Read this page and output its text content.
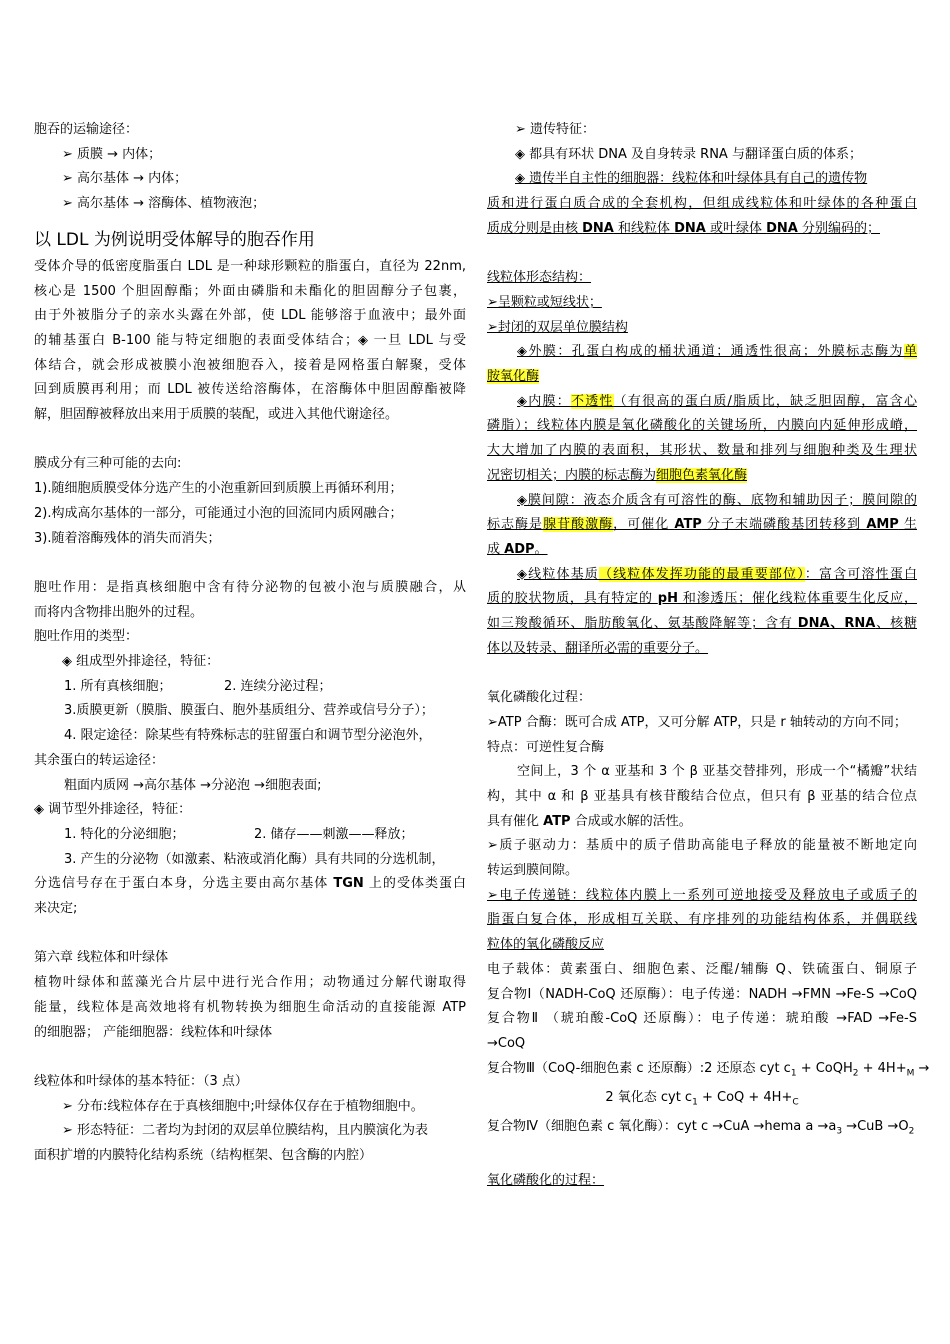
胞吞的运输途径：
➢ 质膜 → 内体；
➢ 高尔基体 → 内体；
➢ 高尔基体 → 溶酶体、植物液泡；
以 LDL 为例说明受体解导的胞吞作用
受体介导的低密度脂蛋白 LDL 是一种球形颗粒的脂蛋白，直径为 22nm,
核心是 1500 个胆固醇酯；外面由磷脂和未酯化的胆固醇分子包裹，
由于外被脂分子的亲水头露在外部，使 LDL 能够溶于血液中；最外面
的辅基蛋白 B-100 能与特定细胞的表面受体结合；◈ 一旦 LDL 与受
体结合，就会形成被膜小泡被细胞吞入，接着是网格蛋白解聚，受体
回到质膜再利用；而 LDL 被传送给溶酶体，在溶酶体中胆固醇酯被降
解，胆固醇被释放出来用于质膜的装配，或进入其他代谢途径。
膜成分有三种可能的去向:
1).随细胞质膜受体分选产生的小泡重新回到质膜上再循环利用；
2).构成高尔基体的一部分，可能通过小泡的回流同内质网融合；
3).随着溶酶残体的消失而消失；
胞吐作用：是指真核细胞中含有待分泌物的包被小泡与质膜融合，从
而将内含物排出胞外的过程。
胞吐作用的类型：
◈ 组成型外排途径，特征：
1. 所有真核细胞；	2. 连续分泌过程；
3.质膜更新（膜脂、膜蛋白、胞外基质组分、营养或信号分子）；
4. 限定途径：除某些有特殊标志的驻留蛋白和调节型分泌泡外，
其余蛋白的转运途径：
粗面内质网 →高尔基体 →分泌泡 →细胞表面;
◈ 调节型外排途径，特征：
1. 特化的分泌细胞；	2. 储存——刺激——释放；
3. 产生的分泌物（如激素、粘液或消化酶）具有共同的分选机制，
分选信号存在于蛋白本身，分选主要由高尔基体 TGN 上的受体类蛋白
来决定;
第六章 线粒体和叶绿体
植物叶绿体和蓝藻光合片层中进行光合作用；动物通过分解代谢取得
能量，线粒体是高效地将有机物转换为细胞生命活动的直接能源 ATP
的细胞器； 产能细胞器：线粒体和叶绿体
线粒体和叶绿体的基本特征：（3 点）
➢ 分布:线粒体存在于真核细胞中;叶绿体仅存在于植物细胞中。
➢ 形态特征：二者均为封闭的双层单位膜结构，且内膜演化为表
面积扩增的内膜特化结构系统（结构框架、包含酶的内腔）
➢ 遗传特征：
◈ 都具有环状 DNA 及自身转录 RNA 与翻译蛋白质的体系；
◈ 遗传半自主性的细胞器：线粒体和叶绿体具有自己的遗传物
质和进行蛋白质合成的全套机构，但组成线粒体和叶绿体的各种蛋白
质成分则是由核 DNA 和线粒体 DNA 或叶绿体 DNA 分别编码的；
线粒体形态结构：
➢呈颗粒或短线状；
➢封闭的双层单位膜结构
◈外膜：孔蛋白构成的桶状通道；通透性很高；外膜标志酶为单
胺氧化酶
◈内膜：不透性（有很高的蛋白质/脂质比，缺乏胆固醇，富含心
磷脂）；线粒体内膜是氧化磷酸化的关键场所，内膜向内延伸形成嵴，
大大增加了内膜的表面积，其形状、数量和排列与细胞种类及生理状
况密切相关；内膜的标志酶为细胞色素氧化酶
◈膜间隙：液态介质含有可溶性的酶、底物和辅助因子；膜间隙的
标志酶是腺苷酸激酶，可催化 ATP 分子末端磷酸基团转移到 AMP 生
成 ADP。
◈线粒体基质（线粒体发挥功能的最重要部位）：富含可溶性蛋白
质的胶状物质，具有特定的 pH 和渗透压；催化线粒体重要生化反应，
如三羧酸循环、脂肪酸氧化、氨基酸降解等；含有 DNA、RNA、核糖
体以及转录、翻译所必需的重要分子。
氧化磷酸化过程：
➢ATP 合酶：既可合成 ATP，又可分解 ATP，只是 r 轴转动的方向不同；
特点：可逆性复合酶
空间上，3 个 α 亚基和 3 个 β 亚基交替排列，形成一个“橘瓣”状结
构，其中 α 和 β 亚基具有核苷酸结合位点，但只有 β 亚基的结合位点
具有催化 ATP 合成或水解的活性。
➢质子驱动力：基质中的质子借助高能电子释放的能量被不断地定向
转运到膜间隙。
➢电子传递链：线粒体内膜上一系列可逆地接受及释放电子或质子的
脂蛋白复合体，形成相互关联、有序排列的功能结构体系，并偶联线
粒体的氧化磷酸反应
电子载体：黄素蛋白、细胞色素、泛醌/辅酶 Q、铁硫蛋白、铜原子
复合物Ⅰ（NADH-CoQ 还原酶）：电子传递：NADH →FMN →Fe-S →CoQ
复合物Ⅱ （琥珀酸-CoQ 还原酶）：电子传递：琥珀酸 →FAD →Fe-S
→CoQ
复合物Ⅲ（CoQ-细胞色素 c 还原酶）:2 还原态 cyt $c_1$ + CoQH$_2$ + $4H+_M$ →
2 氧化态 cyt $c_1$ + CoQ + $4H+_C$
复合物Ⅳ（细胞色素 c 氧化酶）：cyt c →CuA →hema $a \to a_3 \to CuB \to O_2$
氧化磷酸化的过程：
